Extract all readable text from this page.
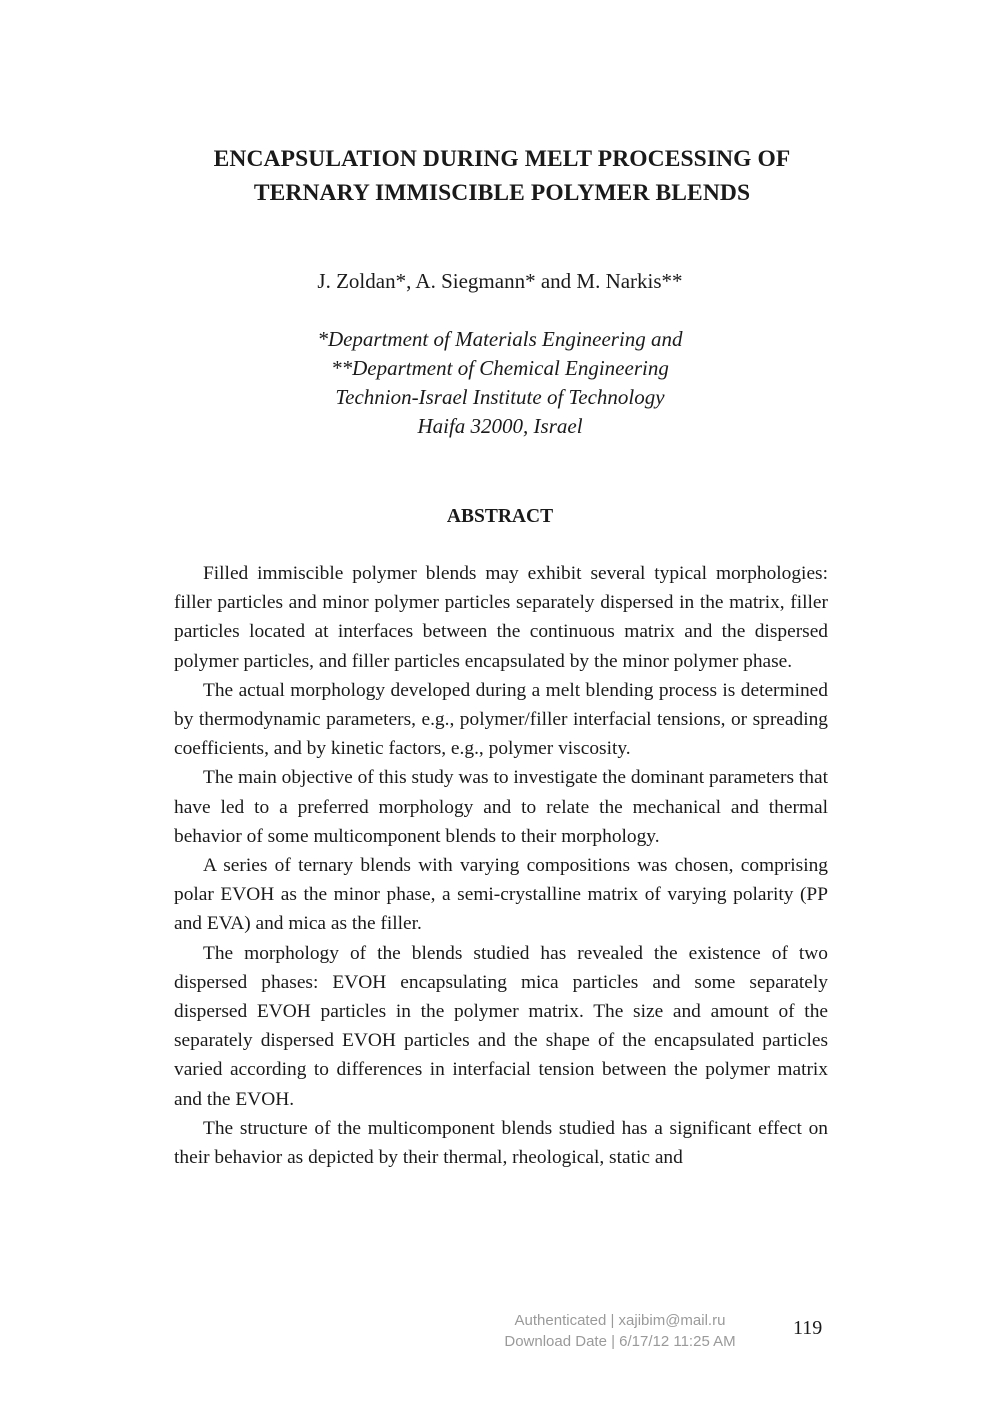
ENCAPSULATION DURING MELT PROCESSING OF
TERNARY IMMISCIBLE POLYMER BLENDS
J. Zoldan*, A. Siegmann* and M. Narkis**
*Department of Materials Engineering and
**Department of Chemical Engineering
Technion-Israel Institute of Technology
Haifa 32000, Israel
ABSTRACT

Filled immiscible polymer blends may exhibit several typical morphologies: filler particles and minor polymer particles separately dispersed in the matrix, filler particles located at interfaces between the continuous matrix and the dispersed polymer particles, and filler particles encapsulated by the minor polymer phase.

The actual morphology developed during a melt blending process is determined by thermodynamic parameters, e.g., polymer/filler interfacial tensions, or spreading coefficients, and by kinetic factors, e.g., polymer viscosity.

The main objective of this study was to investigate the dominant parameters that have led to a preferred morphology and to relate the mechanical and thermal behavior of some multicomponent blends to their morphology.

A series of ternary blends with varying compositions was chosen, comprising polar EVOH as the minor phase, a semi-crystalline matrix of varying polarity (PP and EVA) and mica as the filler.

The morphology of the blends studied has revealed the existence of two dispersed phases: EVOH encapsulating mica particles and some separately dispersed EVOH particles in the polymer matrix. The size and amount of the separately dispersed EVOH particles and the shape of the encapsulated particles varied according to differences in interfacial tension between the polymer matrix and the EVOH.

The structure of the multicomponent blends studied has a significant effect on their behavior as depicted by their thermal, rheological, static and

119
Authenticated | xajibim@mail.ru
Download Date | 6/17/12 11:25 AM
